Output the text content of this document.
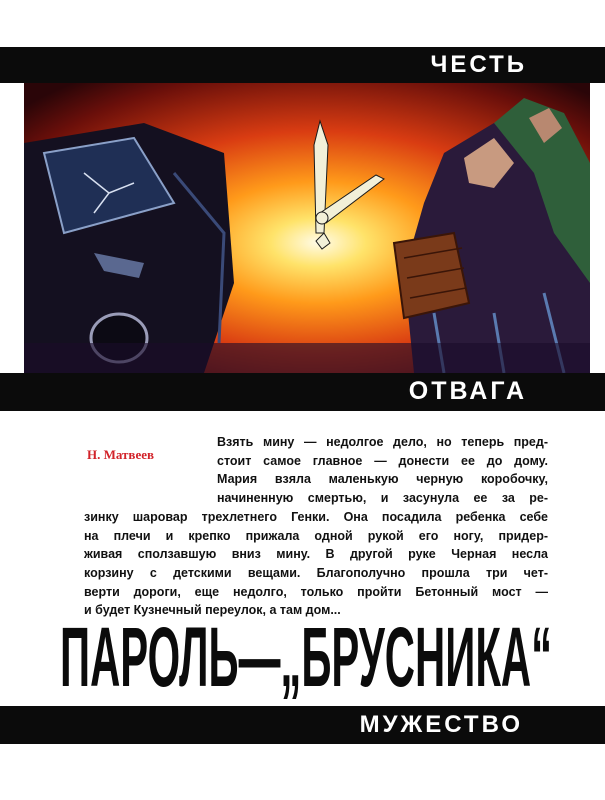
ЧЕСТЬ
ОТВАГА
Н. Матвеев
Взять мину — недолгое дело, но теперь пред-
стоит самое главное — донести ее до дому.
Мария взяла маленькую черную коробочку,
начиненную смертью, и засунула ее за ре-
зинку шаровар трехлетнего Генки. Она посадила ребенка себе
на плечи и крепко прижала одной рукой его ногу, придер-
живая сползавшую вниз мину. В другой руке Черная несла
корзину с детскими вещами. Благополучно прошла три чет-
верти дороги, еще недолго, только пройти Бетонный мост —
и будет Кузнечный переулок, а там дом...
ПАРОЛЬ—„БРУСНИКА“
МУЖЕСТВО
